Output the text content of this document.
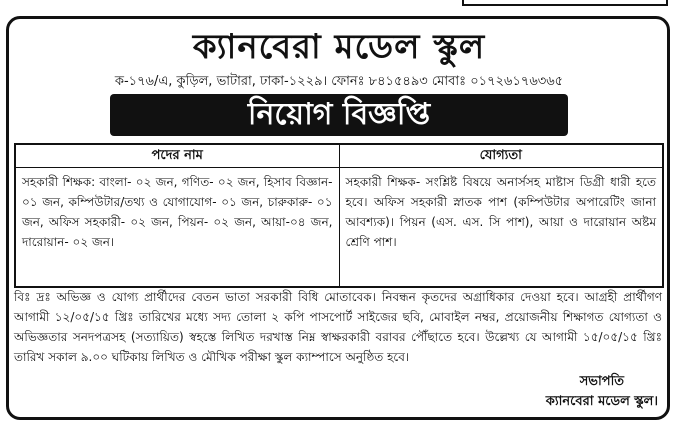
ক্যানবেরা মডেল স্কুল
ক-১৭৬/এ, কুড়িল, ভাটারা, ঢাকা-১২২৯। ফোনঃ ৮৪১৫৪৯৩ মোবাঃ ০১৭২৬১৭৬৩৬৫
নিয়োগ বিজ্ঞপ্তি
পদের নাম	যোগ্যতা
সহকারী শিক্ষক: বাংলা- ০২ জন, গণিত- ০২ জন, হিসাব বিজ্ঞান- ০১ জন, কম্পিউটার/তথ্য ও যোগাযোগ- ০১ জন, চারুকারু- ০১ জন, অফিস সহকারী- ০২ জন, পিয়ন- ০২ জন, আয়া-০৪ জন, দারোয়ান- ০২ জন।	সহকারী শিক্ষক- সংশ্লিষ্ট বিষয়ে অনার্সসহ মাষ্টাস ডিগ্রী ধারী হতে হবে। অফিস সহকারী স্নাতক পাশ (কম্পিউটার অপারেটিং জানা আবশ্যক)। পিয়ন (এস. এস. সি পাশ), আয়া ও দারোয়ান অষ্টম শ্রেণি পাশ।
বিঃ দ্রঃ অভিজ্ঞ ও যোগ্য প্রার্থীদের বেতন ভাতা সরকারী বিধি মোতাবেক। নিবন্ধন কৃতদের অগ্রাধিকার দেওয়া হবে। আগ্রহী প্রার্থীগণ আগামী ১২/০৫/১৫ খ্রিঃ তারিখের মধ্যে সদ্য তোলা ২ কপি পাসপোর্ট সাইজের ছবি, মোবাইল নম্বর, প্রয়োজনীয় শিক্ষাগত যোগ্যতা ও অভিজ্ঞতার সনদপত্রসহ (সত্যায়িত) স্বহস্তে লিখিত দরখাস্ত নিম্ন স্বাক্ষরকারী বরাবর পৌঁছাতে হবে। উল্লেখ্য যে আগামী ১৫/০৫/১৫ খ্রিঃ তারিখ সকাল ৯.০০ ঘটিকায় লিখিত ও মৌখিক পরীক্ষা স্কুল ক্যাম্পাসে অনুষ্ঠিত হবে।
সভাপতি
ক্যানবেরা মডেল স্কুল।
